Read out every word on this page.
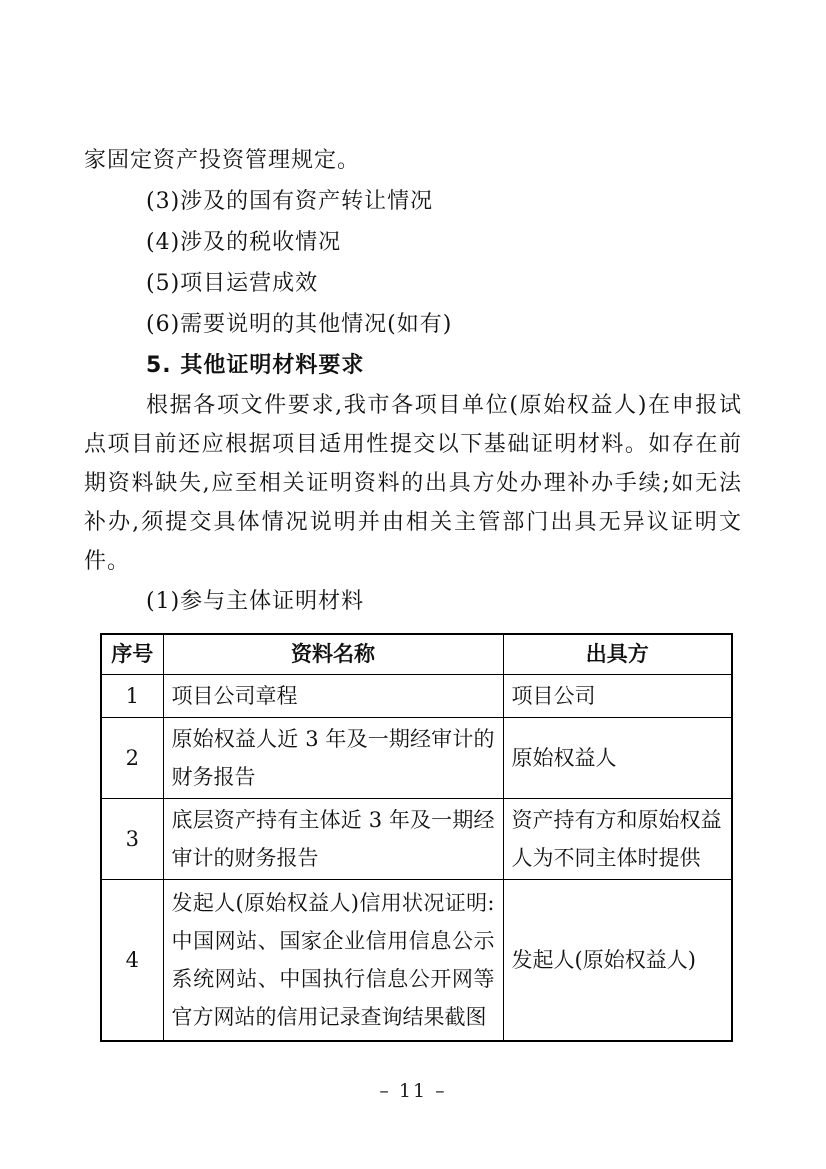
家固定资产投资管理规定。

(3)涉及的国有资产转让情况

(4)涉及的税收情况

(5)项目运营成效

(6)需要说明的其他情况(如有)

5. 其他证明材料要求

根据各项文件要求,我市各项目单位(原始权益人)在申报试点项目前还应根据项目适用性提交以下基础证明材料。如存在前期资料缺失,应至相关证明资料的出具方处办理补办手续;如无法补办,须提交具体情况说明并由相关主管部门出具无异议证明文件。

(1)参与主体证明材料

序号	资料名称	出具方
1	项目公司章程	项目公司
2	原始权益人近 3 年及一期经审计的财务报告	原始权益人
3	底层资产持有主体近 3 年及一期经审计的财务报告	资产持有方和原始权益人为不同主体时提供
4	发起人(原始权益人)信用状况证明:中国网站、国家企业信用信息公示系统网站、中国执行信息公开网等官方网站的信用记录查询结果截图	发起人(原始权益人)
– 11 –
